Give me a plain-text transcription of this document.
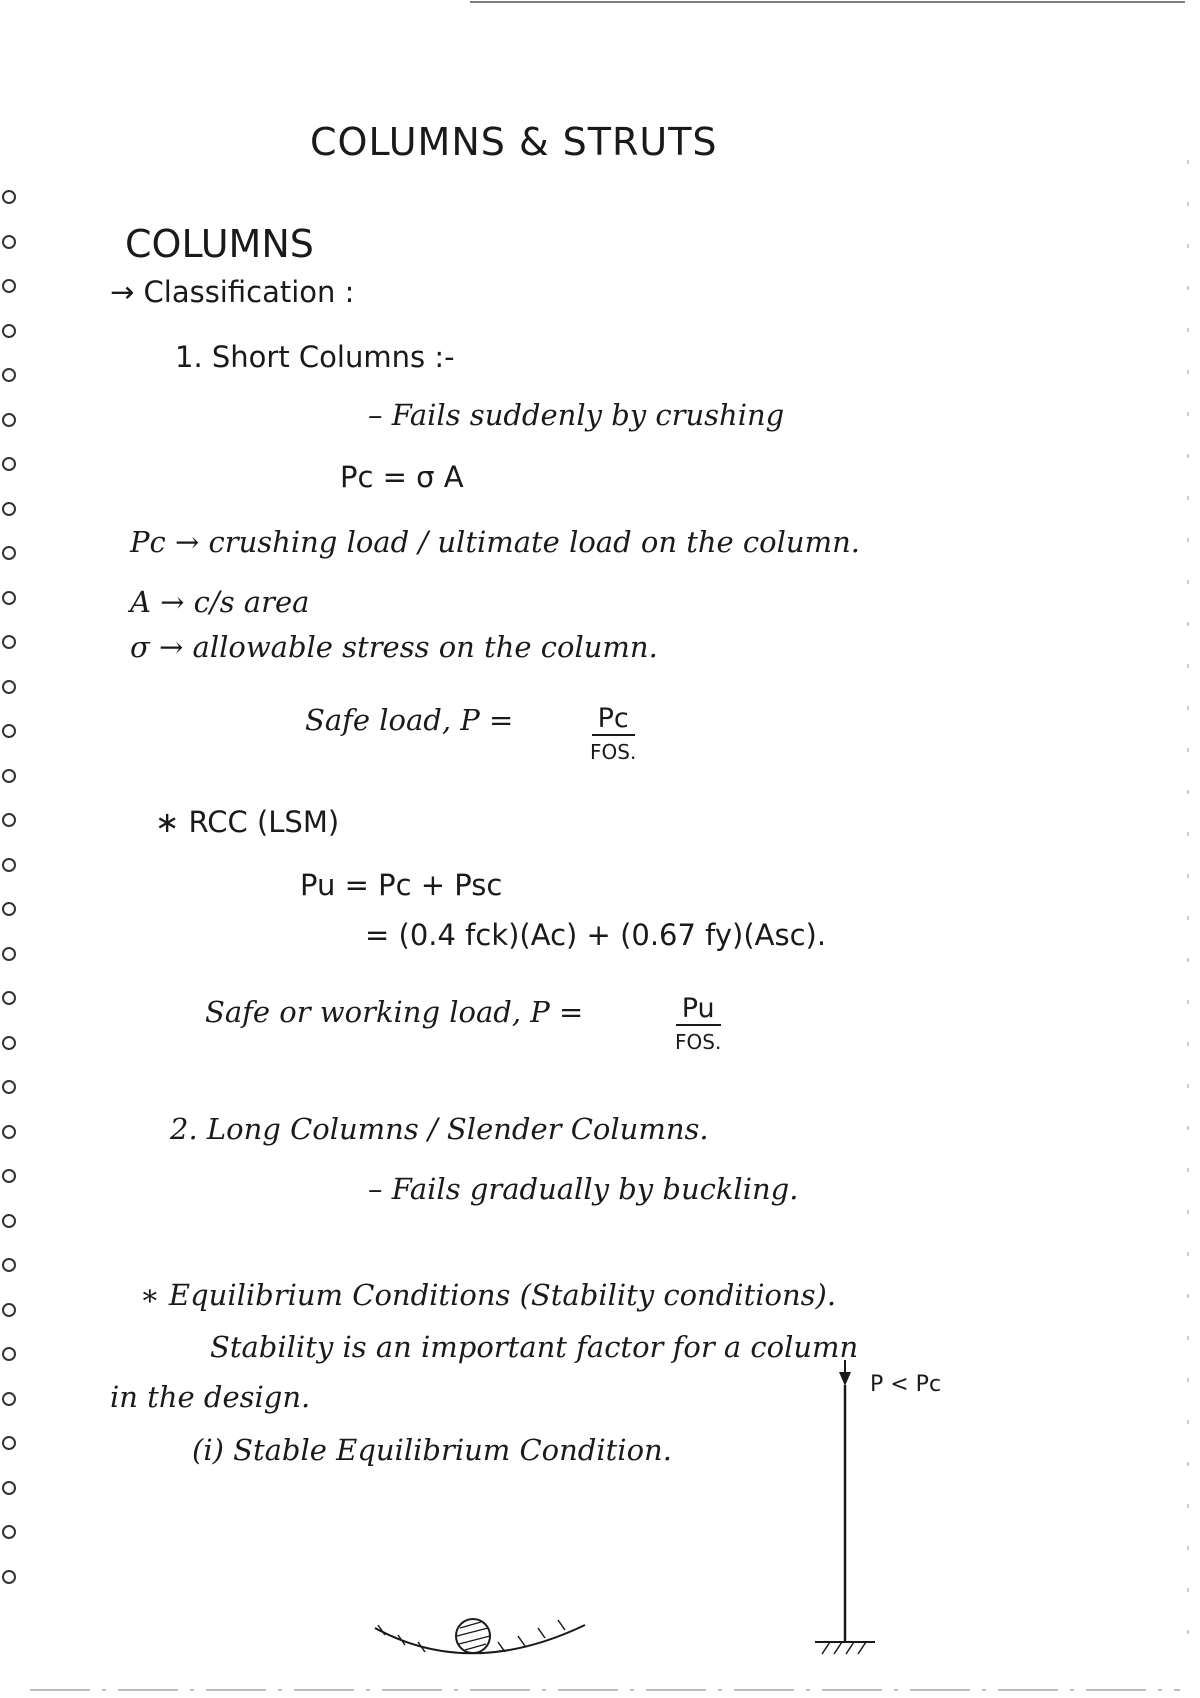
COLUMNS & STRUTS
COLUMNS
→ Classification :
1. Short Columns :-
– Fails suddenly by crushing
Pc = σ A
Pc → crushing load / ultimate load on the column.
A → c/s area
σ → allowable stress on the column.
Safe load, P =	Pc
FOS.
∗ RCC (LSM)
Pu = Pc + Psc
= (0.4 fck)(Ac) + (0.67 fy)(Asc).
Safe or working load, P =	Pu
FOS.
2. Long Columns / Slender Columns.
– Fails gradually by buckling.
∗ Equilibrium Conditions (Stability conditions).
Stability is an important factor for a column
in the design.
(i) Stable Equilibrium Condition.
P < Pc
